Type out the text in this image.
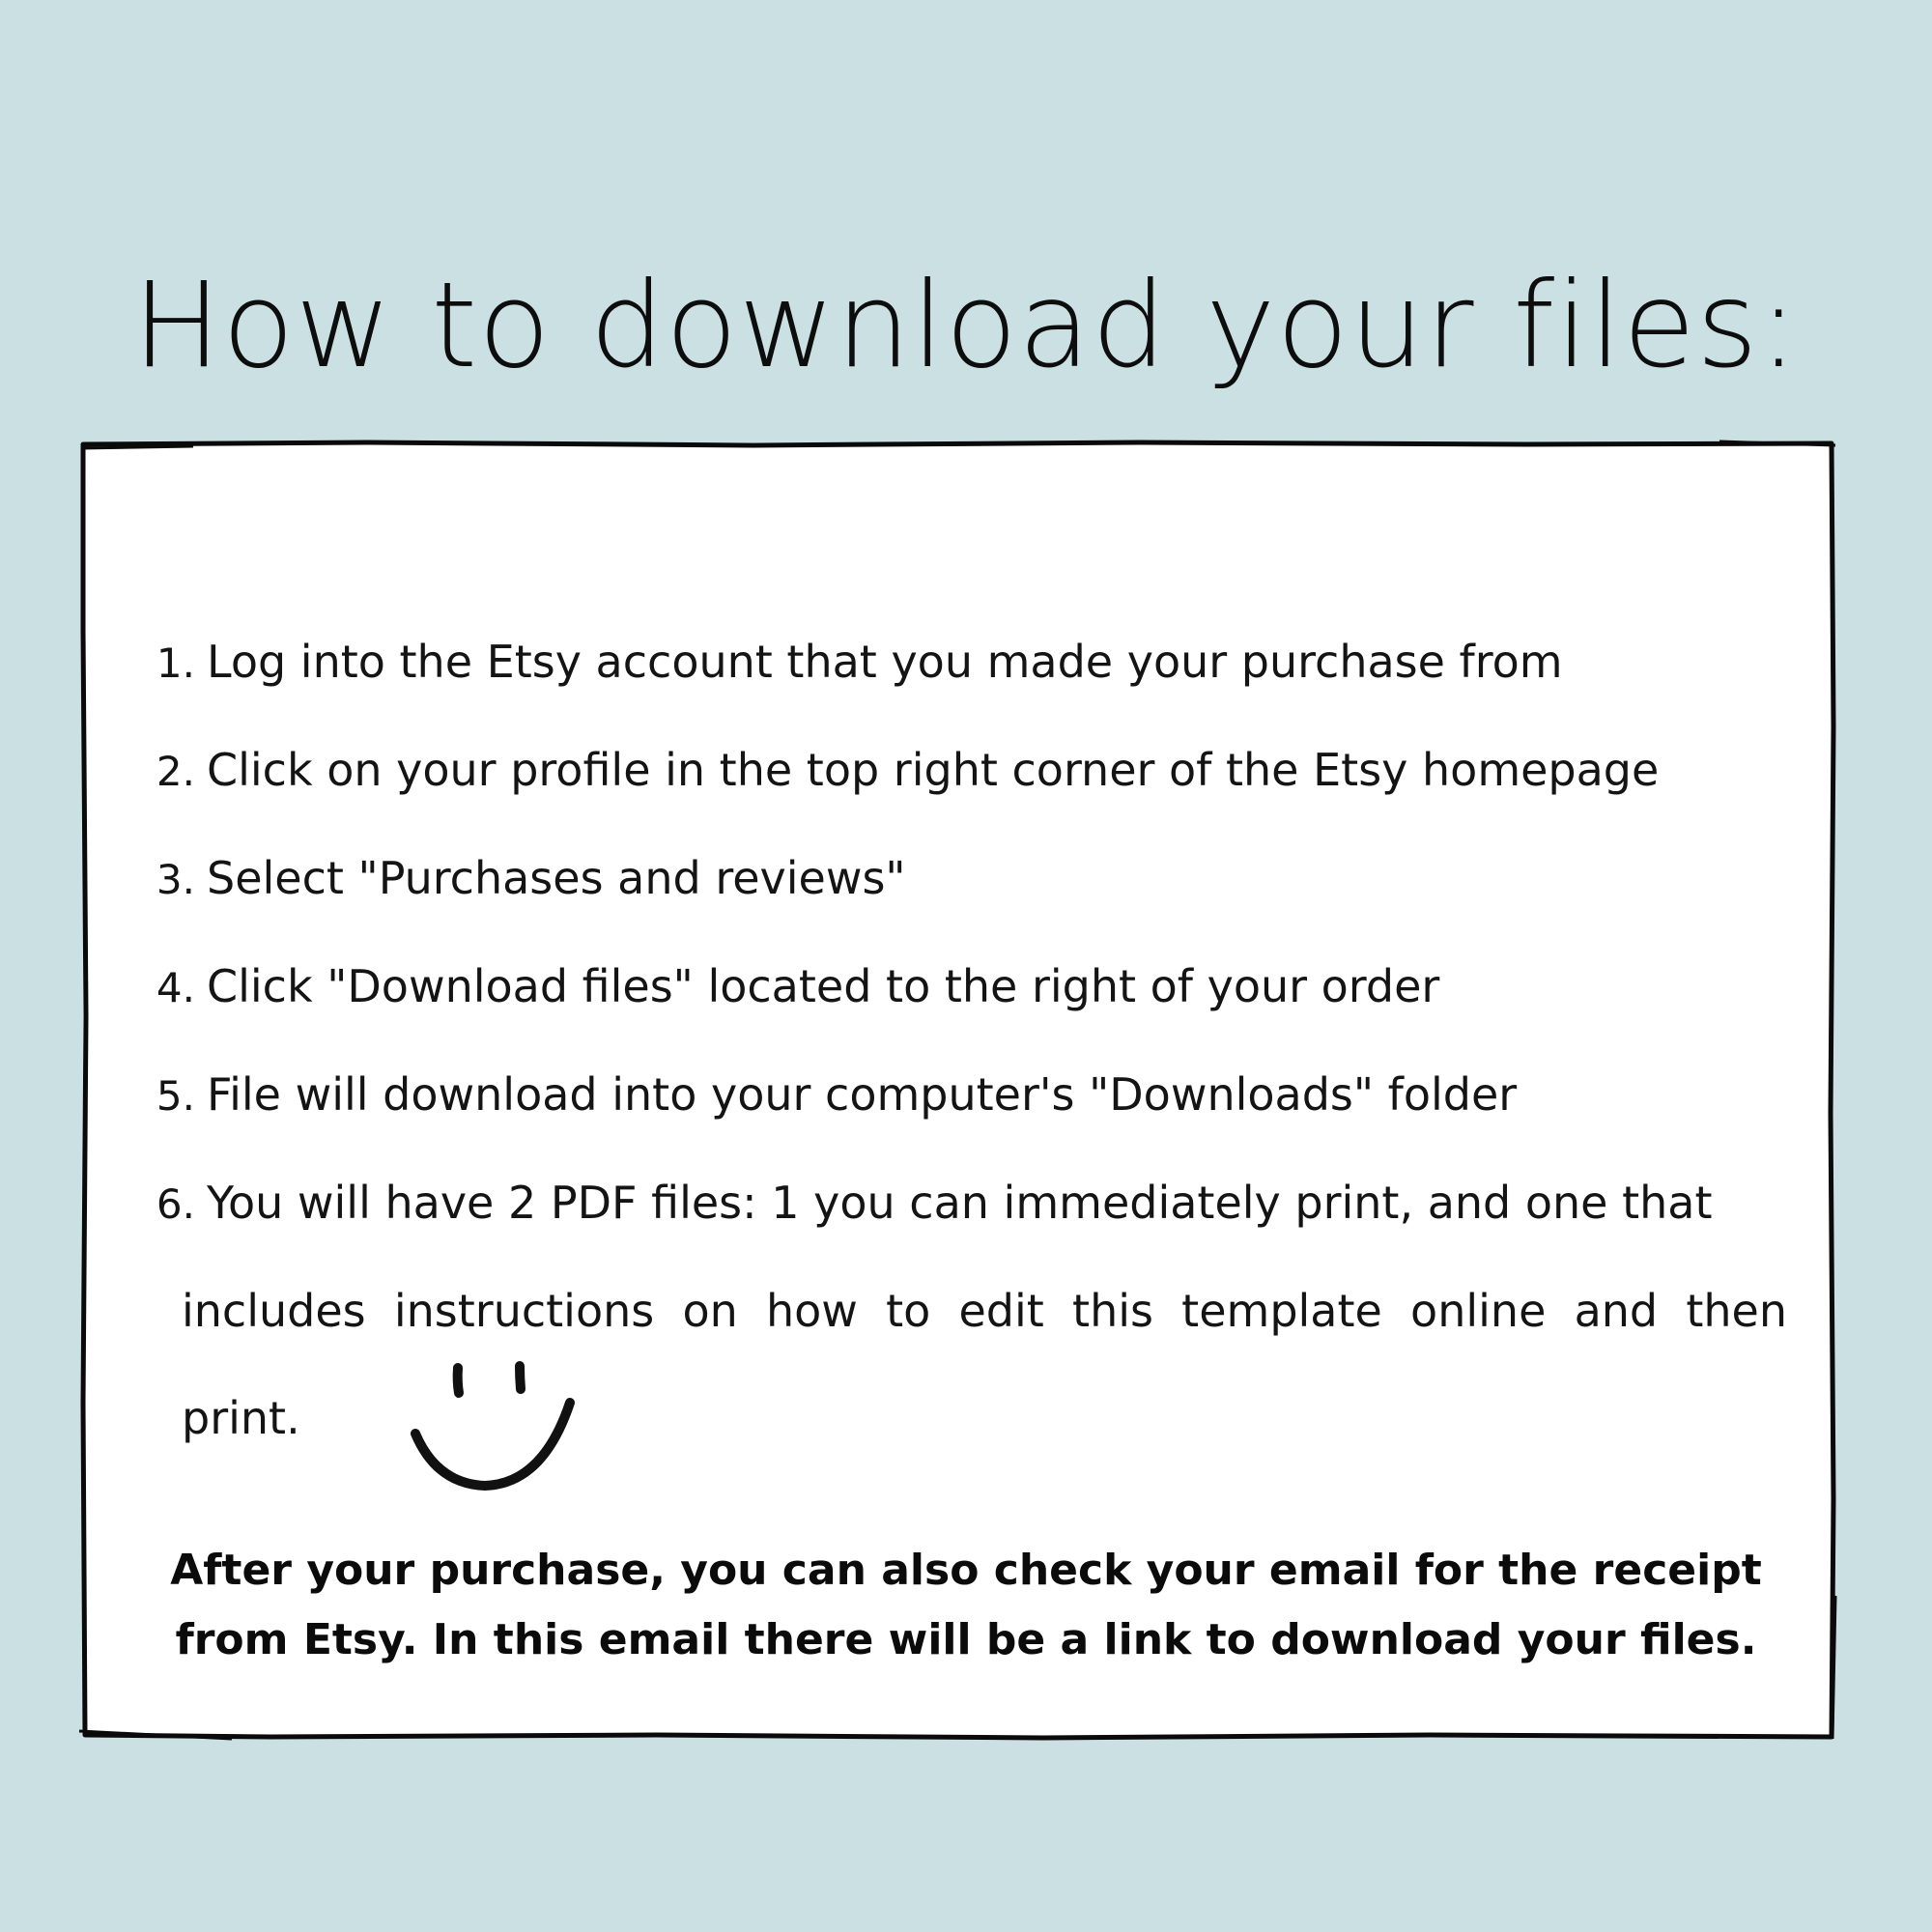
How to download your files:
1. Log into the Etsy account that you made your purchase from
2. Click on your profile in the top right corner of the Etsy homepage
3. Select "Purchases and reviews"
4. Click "Download files" located to the right of your order
5. File will download into your computer's "Downloads" folder
6. You will have 2 PDF files: 1 you can immediately print, and one that
includes instructions on how to edit this template online and then
print.

After your purchase, you can also check your email for the receipt
from Etsy. In this email there will be a link to download your files.
